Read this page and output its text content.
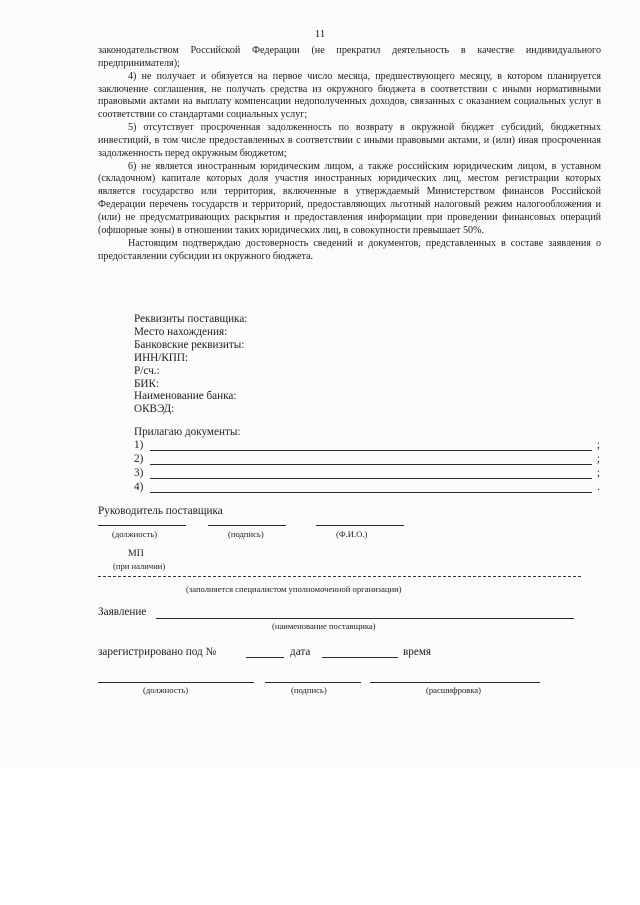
11

законодательством Российской Федерации (не прекратил деятельность в качестве индивидуального предпринимателя);

4) не получает и обязуется на первое число месяца, предшествующего месяцу, в котором планируется заключение соглашения, не получать средства из окружного бюджета в соответствии с иными нормативными правовыми актами на выплату компенсации недополученных доходов, связанных с оказанием социальных услуг в соответствии со стандартами социальных услуг;

5) отсутствует просроченная задолженность по возврату в окружной бюджет субсидий, бюджетных инвестиций, в том числе предоставленных в соответствии с иными правовыми актами, и (или) иная просроченная задолженность перед окружным бюджетом;

6) не является иностранным юридическим лицом, а также российским юридическим лицом, в уставном (складочном) капитале которых доля участия иностранных юридических лиц, местом регистрации которых является государство или территория, включенные в утверждаемый Министерством финансов Российской Федерации перечень государств и территорий, предоставляющих льготный налоговый режим налогообложения и (или) не предусматривающих раскрытия и предоставления информации при проведении финансовых операций (офшорные зоны) в отношении таких юридических лиц, в совокупности превышает 50%.

Настоящим подтверждаю достоверность сведений и документов, представленных в составе заявления о предоставлении субсидии из окружного бюджета.

Реквизиты поставщика:
Место нахождения:
Банковские реквизиты:
ИНН/КПП:
Р/сч.:
БИК:
Наименование банка:
ОКВЭД:
Прилагаю документы:
1)	;
2)	;
3)	;
4)	.
Руководитель поставщика
(должность)	(подпись)	(Ф.И.О.)
МП
(при наличии)
(заполняется специалистом уполномоченной организации)
Заявление
(наименование поставщика)
зарегистрировано под №	дата	время
(должность)	(подпись)	(расшифровка)
